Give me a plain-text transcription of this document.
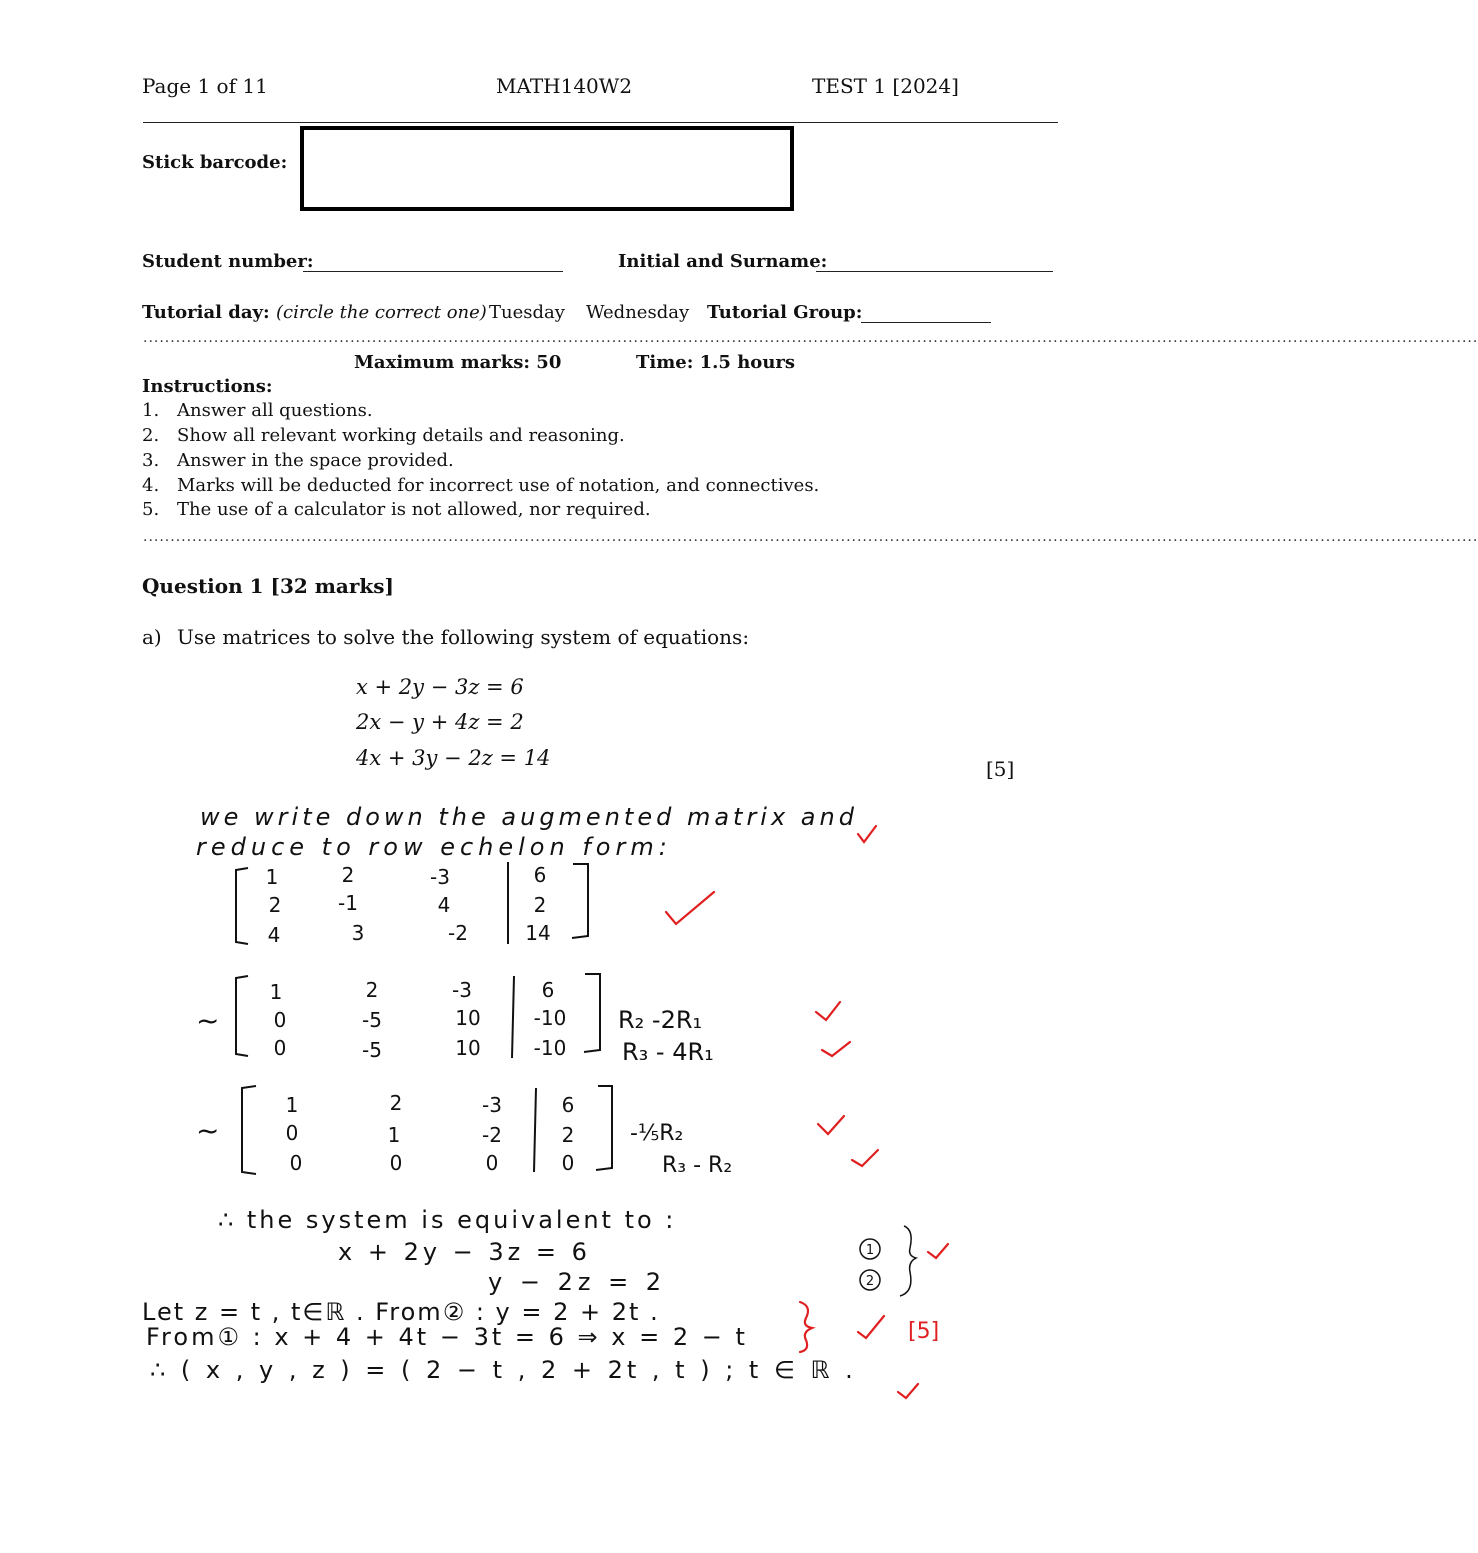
Page 1 of 11	MATH140W2	TEST 1 [2024]
Stick barcode:
Student number:	Initial and Surname:
Tutorial day: (circle the correct one) Tuesday Wednesday Tutorial Group:
.....................................................................................................................................................................................................................................................
Maximum marks: 50	Time: 1.5 hours
Instructions:
1. Answer all questions.
2. Show all relevant working details and reasoning.
3. Answer in the space provided.
4. Marks will be deducted for incorrect use of notation, and connectives.
5. The use of a calculator is not allowed, nor required.
.....................................................................................................................................................................................................................................................
Question 1 [32 marks]
a) Use matrices to solve the following system of equations:
x + 2y − 3z = 6
2x − y + 4z = 2
4x + 3y − 2z = 14	[5]
we write down the augmented matrix and
reduce to row echelon form:
1	2	-3	6
2	-1	4	2
4	3	-2	14
~
1	2	-3	6
0	-5	10	-10
0	-5	10	-10
R₂ -2R₁
R₃ - 4R₁
~
1	2	-3	6
0	1	-2	2
0	0	0	0
-⅕R₂
R₃ - R₂
∴ the system is equivalent to :
x + 2y − 3z = 6
y − 2z = 2
1
2
Let z = t , t∈ℝ . From② : y = 2 + 2t .
From① : x + 4 + 4t − 3t = 6 ⇒ x = 2 − t
∴ ( x , y , z ) = ( 2 − t , 2 + 2t , t ) ; t ∈ ℝ .
[5]
